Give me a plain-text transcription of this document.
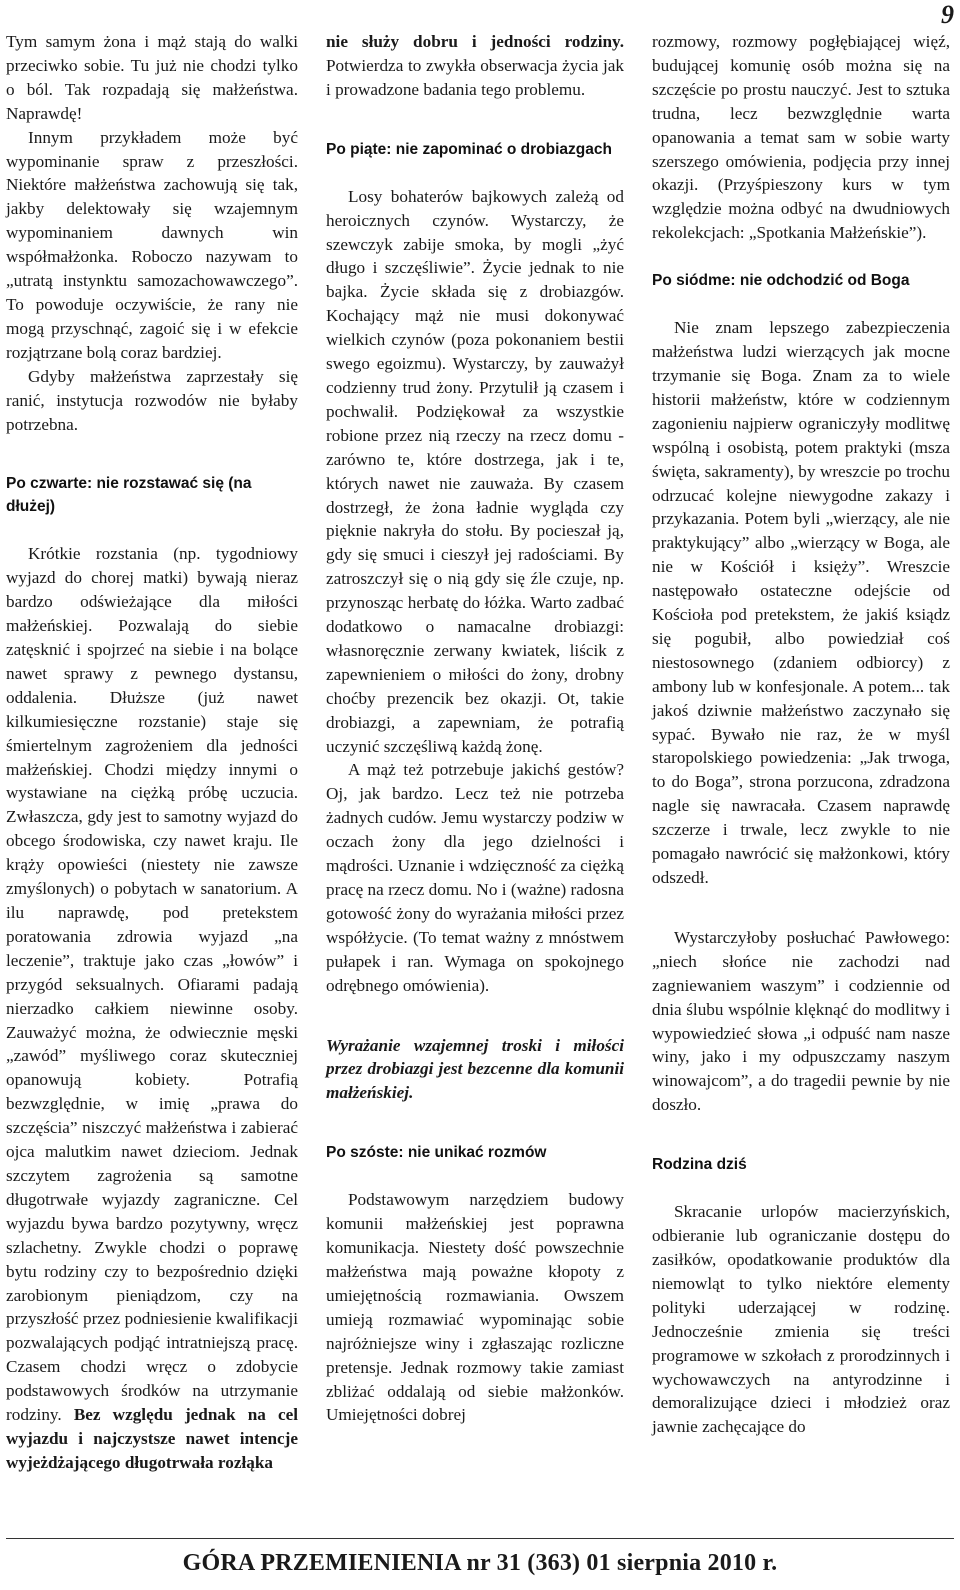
9

Tym samym żona i mąż stają do walki przeciwko sobie. Tu już nie chodzi tylko o ból. Tak rozpadają się małżeństwa. Naprawdę!

Innym przykładem może być wypominanie spraw z przeszłości. Niektóre małżeństwa zachowują się tak, jakby delektowały się wzajemnym wypominaniem dawnych win współmałżonka. Roboczo nazywam to „utratą instynktu samozachowawczego”. To powoduje oczywiście, że rany nie mogą przyschnąć, zagoić się i w efekcie rozjątrzane bolą coraz bardziej.

Gdyby małżeństwa zaprzestały się ranić, instytucja rozwodów nie byłaby potrzebna.

Po czwarte: nie rozstawać się (na dłużej)

Krótkie rozstania (np. tygodniowy wyjazd do chorej matki) bywają nieraz bardzo odświeżające dla miłości małżeńskiej. Pozwalają do siebie zatęsknić i spojrzeć na siebie i na bolące nawet sprawy z pewnego dystansu, oddalenia. Dłuższe (już nawet kilkumiesięczne rozstanie) staje się śmiertelnym zagrożeniem dla jedności małżeńskiej. Chodzi między innymi o wystawiane na ciężką próbę uczucia. Zwłaszcza, gdy jest to samotny wyjazd do obcego środowiska, czy nawet kraju. Ile krąży opowieści (niestety nie zawsze zmyślonych) o pobytach w sanatorium. A ilu naprawdę, pod pretekstem poratowania zdrowia wyjazd „na leczenie”, traktuje jako czas „łowów” i przygód seksualnych. Ofiarami padają nierzadko całkiem niewinne osoby. Zauważyć można, że odwiecznie męski „zawód” myśliwego coraz skuteczniej opanowują kobiety. Potrafią bezwzględnie, w imię „prawa do szczęścia” niszczyć małżeństwa i zabierać ojca malutkim nawet dzieciom. Jednak szczytem zagrożenia są samotne długotrwałe wyjazdy zagraniczne. Cel wyjazdu bywa bardzo pozytywny, wręcz szlachetny. Zwykle chodzi o poprawę bytu rodziny czy to bezpośrednio dzięki zarobionym pieniądzom, czy na przyszłość przez podniesienie kwalifikacji pozwalających podjąć intratniejszą pracę. Czasem chodzi wręcz o zdobycie podstawowych środków na utrzymanie rodziny. Bez względu jednak na cel wyjazdu i najczystsze nawet intencje wyjeżdżającego długotrwała rozłąka

nie służy dobru i jedności rodziny. Potwierdza to zwykła obserwacja życia jak i prowadzone badania tego problemu.

Po piąte: nie zapominać o drobiazgach

Losy bohaterów bajkowych zależą od heroicznych czynów. Wystarczy, że szewczyk zabije smoka, by mogli „żyć długo i szczęśliwie”. Życie jednak to nie bajka. Życie składa się z drobiazgów. Kochający mąż nie musi dokonywać wielkich czynów (poza pokonaniem bestii swego egoizmu). Wystarczy, by zauważył codzienny trud żony. Przytulił ją czasem i pochwalił. Podziękował za wszystkie robione przez nią rzeczy na rzecz domu - zarówno te, które dostrzega, jak i te, których nawet nie zauważa. By czasem dostrzegł, że żona ładnie wygląda czy pięknie nakryła do stołu. By pocieszał ją, gdy się smuci i cieszył jej radościami. By zatroszczył się o nią gdy się źle czuje, np. przynosząc herbatę do łóżka. Warto zadbać dodatkowo o namacalne drobiazgi: własnoręcznie zerwany kwiatek, liścik z zapewnieniem o miłości do żony, drobny choćby prezencik bez okazji. Ot, takie drobiazgi, a zapewniam, że potrafią uczynić szczęśliwą każdą żonę.

A mąż też potrzebuje jakichś gestów? Oj, jak bardzo. Lecz też nie potrzeba żadnych cudów. Jemu wystarczy podziw w oczach żony dla jego dzielności i mądrości. Uznanie i wdzięczność za ciężką pracę na rzecz domu. No i (ważne) radosna gotowość żony do wyrażania miłości przez współżycie. (To temat ważny z mnóstwem pułapek i ran. Wymaga on spokojnego odrębnego omówienia).

Wyrażanie wzajemnej troski i miłości przez drobiazgi jest bezcenne dla komunii małżeńskiej.

Po szóste: nie unikać rozmów

Podstawowym narzędziem budowy komunii małżeńskiej jest poprawna komunikacja. Niestety dość powszechnie małżeństwa mają poważne kłopoty z umiejętnością rozmawiania. Owszem umieją rozmawiać wypominając sobie najróżniejsze winy i zgłaszając rozliczne pretensje. Jednak rozmowy takie zamiast zbliżać oddalają od siebie małżonków. Umiejętności dobrej

rozmowy, rozmowy pogłębiającej więź, budującej komunię osób można się na szczęście po prostu nauczyć. Jest to sztuka trudna, lecz bezwzględnie warta opanowania a temat sam w sobie warty szerszego omówienia, podjęcia przy innej okazji. (Przyśpieszony kurs w tym względzie można odbyć na dwudniowych rekolekcjach: „Spotkania Małżeńskie”).

Po siódme: nie odchodzić od Boga

Nie znam lepszego zabezpieczenia małżeństwa ludzi wierzących jak mocne trzymanie się Boga. Znam za to wiele historii małżeństw, które w codziennym zagonieniu najpierw ograniczyły modlitwę wspólną i osobistą, potem praktyki (msza święta, sakramenty), by wreszcie po trochu odrzucać kolejne niewygodne zakazy i przykazania. Potem byli „wierzący, ale nie praktykujący” albo „wierzący w Boga, ale nie w Kościół i księży”. Wreszcie następowało ostateczne odejście od Kościoła pod pretekstem, że jakiś ksiądz się pogubił, albo powiedział coś niestosownego (zdaniem odbiorcy) z ambony lub w konfesjonale. A potem... tak jakoś dziwnie małżeństwo zaczynało się sypać. Bywało nie raz, że w myśl staropolskiego powiedzenia: „Jak trwoga, to do Boga”, strona porzucona, zdradzona nagle się nawracała. Czasem naprawdę szczerze i trwale, lecz zwykle to nie pomagało nawrócić się małżonkowi, który odszedł.

Wystarczyłoby posłuchać Pawłowego: „niech słońce nie zachodzi nad zagniewaniem waszym” i codziennie od dnia ślubu wspólnie klęknąć do modlitwy i wypowiedzieć słowa „i odpuść nam nasze winy, jako i my odpuszczamy naszym winowajcom”, a do tragedii pewnie by nie doszło.

Rodzina dziś

Skracanie urlopów macierzyńskich, odbieranie lub ograniczanie dostępu do zasiłków, opodatkowanie produktów dla niemowląt to tylko niektóre elementy polityki uderzającej w rodzinę. Jednocześnie zmienia się treści programowe w szkołach z prorodzinnych i wychowawczych na antyrodzinne i demoralizujące dzieci i młodzież oraz jawnie zachęcające do

GÓRA PRZEMIENIENIA nr 31 (363) 01 sierpnia 2010 r.
